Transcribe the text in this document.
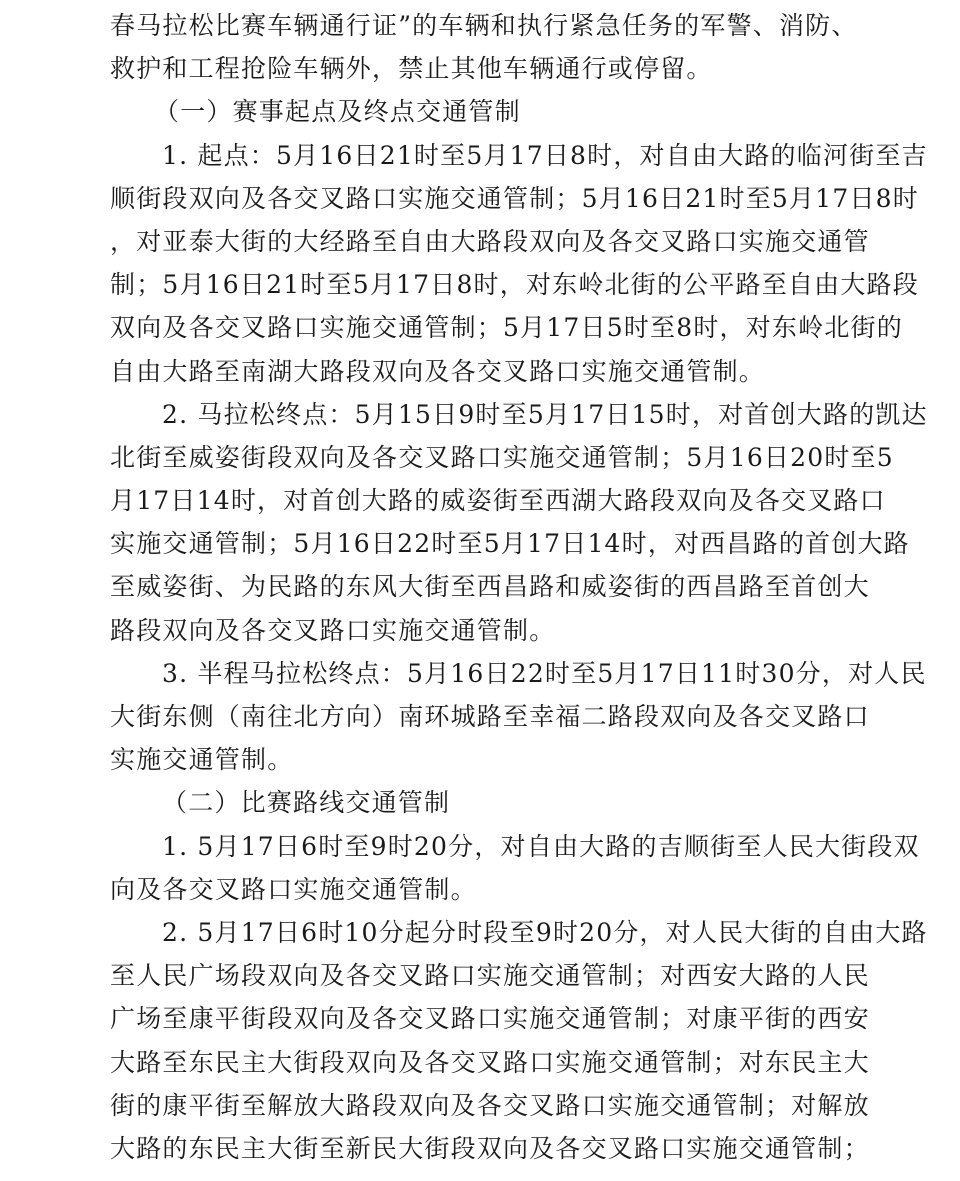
春马拉松比赛车辆通行证”的车辆和执行紧急任务的军警、消防、
救护和工程抢险车辆外，禁止其他车辆通行或停留。
（一）赛事起点及终点交通管制
1. 起点：5月16日21时至5月17日8时，对自由大路的临河街至吉
顺街段双向及各交叉路口实施交通管制；5月16日21时至5月17日8时
，对亚泰大街的大经路至自由大路段双向及各交叉路口实施交通管
制；5月16日21时至5月17日8时，对东岭北街的公平路至自由大路段
双向及各交叉路口实施交通管制；5月17日5时至8时，对东岭北街的
自由大路至南湖大路段双向及各交叉路口实施交通管制。
2. 马拉松终点：5月15日9时至5月17日15时，对首创大路的凯达
北街至威姿街段双向及各交叉路口实施交通管制；5月16日20时至5
月17日14时，对首创大路的威姿街至西湖大路段双向及各交叉路口
实施交通管制；5月16日22时至5月17日14时，对西昌路的首创大路
至威姿街、为民路的东风大街至西昌路和威姿街的西昌路至首创大
路段双向及各交叉路口实施交通管制。
3. 半程马拉松终点：5月16日22时至5月17日11时30分，对人民
大街东侧（南往北方向）南环城路至幸福二路段双向及各交叉路口
实施交通管制。
（二）比赛路线交通管制
1. 5月17日6时至9时20分，对自由大路的吉顺街至人民大街段双
向及各交叉路口实施交通管制。
2. 5月17日6时10分起分时段至9时20分，对人民大街的自由大路
至人民广场段双向及各交叉路口实施交通管制；对西安大路的人民
广场至康平街段双向及各交叉路口实施交通管制；对康平街的西安
大路至东民主大街段双向及各交叉路口实施交通管制；对东民主大
街的康平街至解放大路段双向及各交叉路口实施交通管制；对解放
大路的东民主大街至新民大街段双向及各交叉路口实施交通管制；
